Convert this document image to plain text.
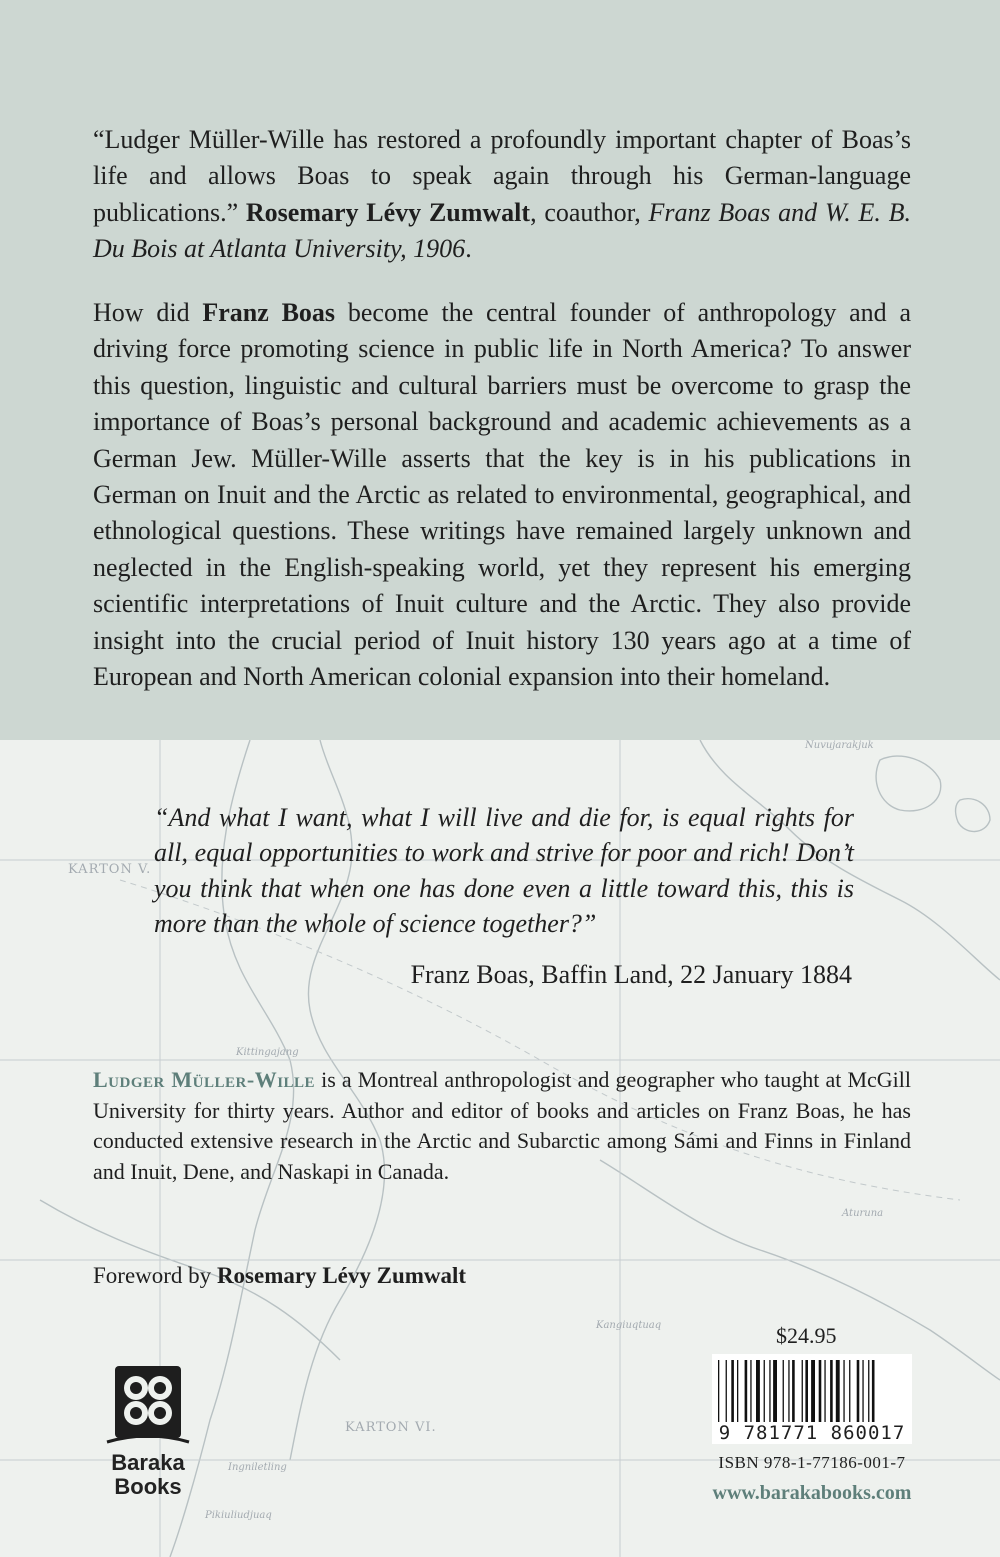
KARTON V.
KARTON VI.
Nuvujarakjuk
Kittingajang
Aturuna
Ingniletling
Pikiuliudjuaq
Kangiuqtuaq
“Ludger Müller-Wille has restored a profoundly important chapter of Boas’s life and allows Boas to speak again through his German-language publications.” Rosemary Lévy Zumwalt, coauthor, Franz Boas and W. E. B. Du Bois at Atlanta University, 1906.
How did Franz Boas become the central founder of anthropology and a driving force promoting science in public life in North America? To answer this question, linguistic and cultural barriers must be overcome to grasp the importance of Boas’s personal background and academic achievements as a German Jew. Müller-Wille asserts that the key is in his publications in German on Inuit and the Arctic as related to environmental, geographical, and ethnological questions. These writings have remained largely unknown and neglected in the English-speaking world, yet they represent his emerging scientific interpretations of Inuit culture and the Arctic. They also provide insight into the crucial period of Inuit history 130 years ago at a time of European and North American colonial expansion into their homeland.
“And what I want, what I will live and die for, is equal rights for all, equal opportunities to work and strive for poor and rich! Don’t you think that when one has done even a little toward this, this is more than the whole of science together?”
Franz Boas, Baffin Land, 22 January 1884
Ludger Müller-Wille is a Montreal anthropologist and geographer who taught at McGill University for thirty years. Author and editor of books and articles on Franz Boas, he has conducted extensive research in the Arctic and Subarctic among Sámi and Finns in Finland and Inuit, Dene, and Naskapi in Canada.
Foreword by Rosemary Lévy Zumwalt
Baraka
Books
$24.95
9 781771 860017
ISBN 978-1-77186-001-7
www.barakabooks.com
